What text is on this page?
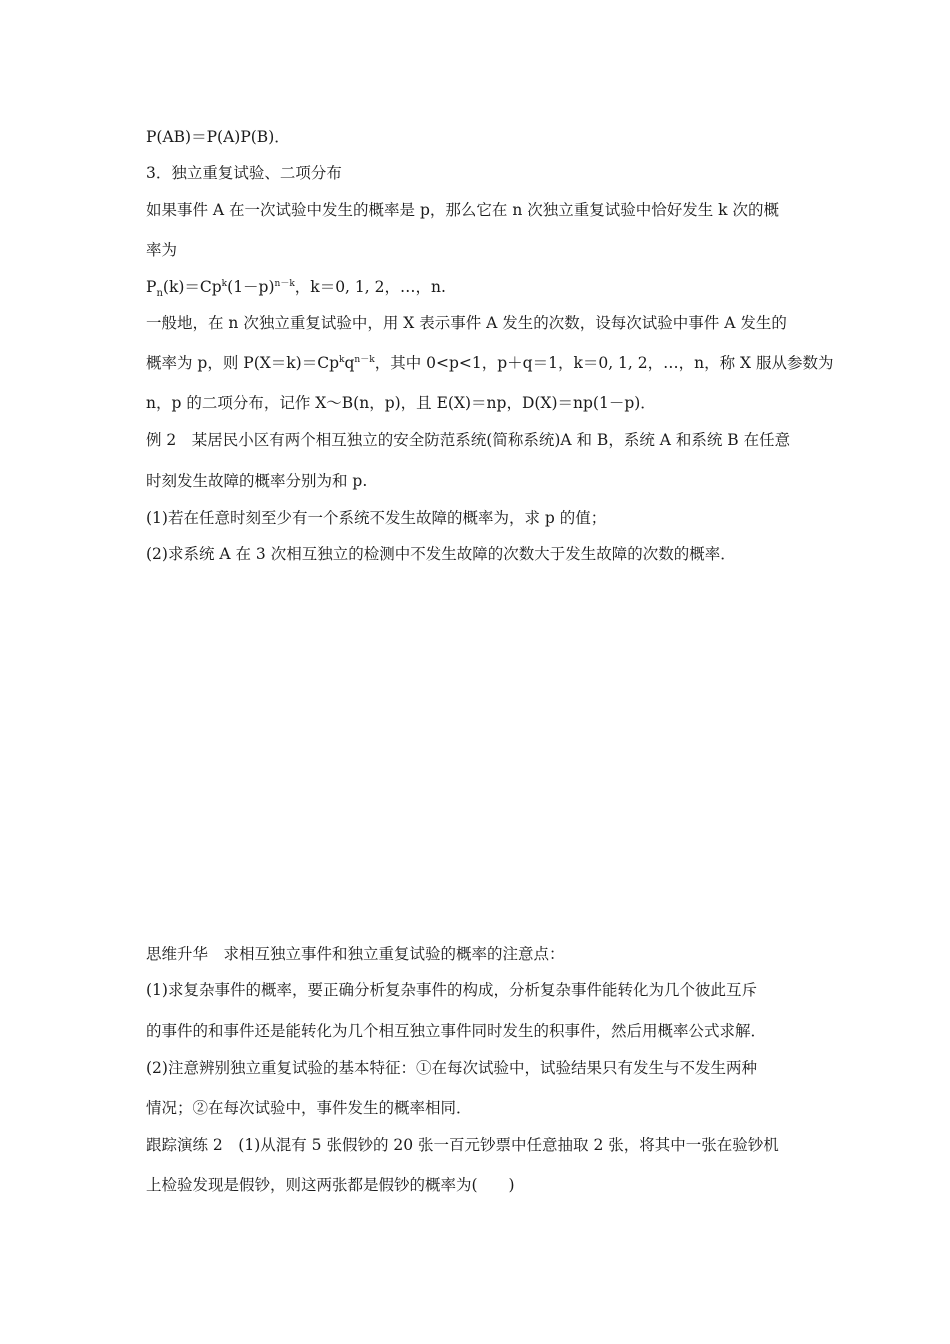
P(AB)＝P(A)P(B)．
3．独立重复试验、二项分布
如果事件 A 在一次试验中发生的概率是 p，那么它在 n 次独立重复试验中恰好发生 k 次的概
率为
$P_n(k)=Cp^k(1-p)^{n-k}$，k＝0, 1, 2，…，n.
一般地，在 n 次独立重复试验中，用 X 表示事件 A 发生的次数，设每次试验中事件 A 发生的
概率为 p，则 $P(X=k)=Cp^kq^{n-k}$，其中 0<p<1，p＋q＝1，k＝0, 1, 2，…，n，称 X 服从参数为
n，p 的二项分布，记作 X～B(n，p)，且 E(X)＝np，D(X)＝np(1－p)．
例 2　某居民小区有两个相互独立的安全防范系统(简称系统)A 和 B，系统 A 和系统 B 在任意
时刻发生故障的概率分别为和 p.
(1)若在任意时刻至少有一个系统不发生故障的概率为，求 p 的值；
(2)求系统 A 在 3 次相互独立的检测中不发生故障的次数大于发生故障的次数的概率．
思维升华　求相互独立事件和独立重复试验的概率的注意点：
(1)求复杂事件的概率，要正确分析复杂事件的构成，分析复杂事件能转化为几个彼此互斥
的事件的和事件还是能转化为几个相互独立事件同时发生的积事件，然后用概率公式求解．
(2)注意辨别独立重复试验的基本特征：①在每次试验中，试验结果只有发生与不发生两种
情况；②在每次试验中，事件发生的概率相同．
跟踪演练 2　(1)从混有 5 张假钞的 20 张一百元钞票中任意抽取 2 张，将其中一张在验钞机
上检验发现是假钞，则这两张都是假钞的概率为(　　)
